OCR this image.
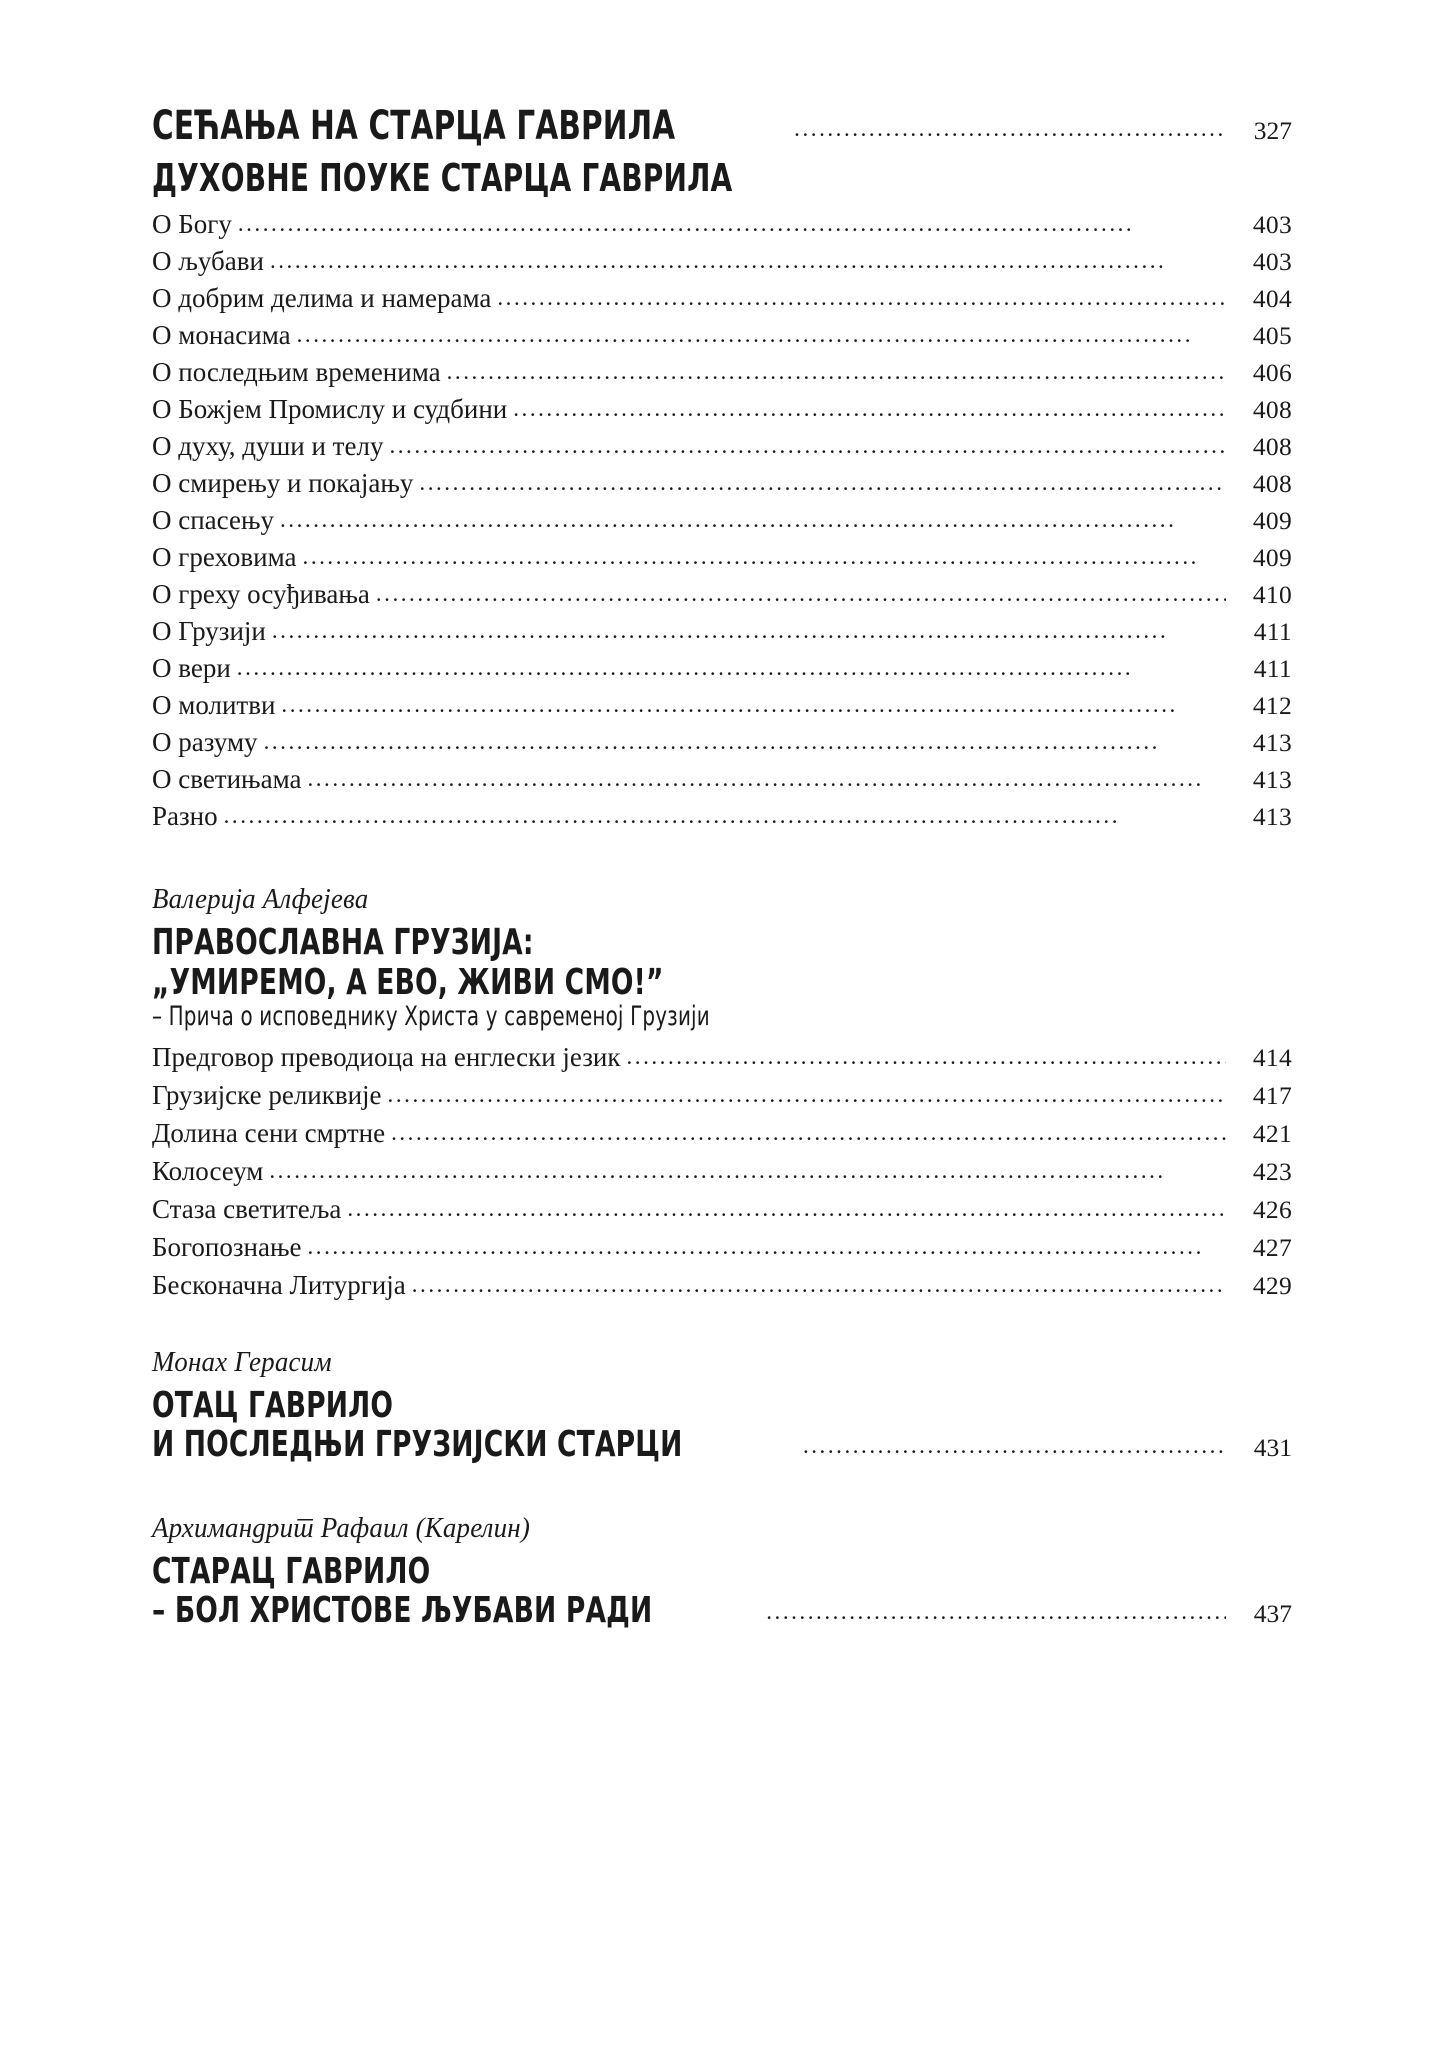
СЕЋАЊА НА СТАРЦА ГАВРИЛА . . .	327
ДУХОВНЕ ПОУКЕ СТАРЦА ГАВРИЛА
О Богу . . .	403
О љубави . . .	403
О добрим делима и намерама . . .	404
О монасима . . .	405
О последњим временима . . .	406
О Божјем Промислу и судбини . . .	408
О духу, души и телу . . .	408
О смирењу и покајању . . .	408
О спасењу . . .	409
О греховима . . .	409
О греху осуђивања . . .	410
О Грузији . . .	411
О вери . . .	411
О молитви . . .	412
О разуму . . .	413
О светињама . . .	413
Разно . . .	413
Валерија Алфејева
ПРАВОСЛАВНА ГРУЗИЈА:
„УМИРЕМО, А ЕВО, ЖИВИ СМО!”
– Прича о исповеднику Христа у савременој Грузији
Предговор преводиоца на енглески језик . . .	414
Грузијске реликвије . . .	417
Долина сени смртне . . .	421
Колосеум . . .	423
Стаза светитеља . . .	426
Богопознање . . .	427
Бесконачна Литургија . . .	429
Монах Герасим
ОТАЦ ГАВРИЛО
И ПОСЛЕДЊИ ГРУЗИЈСКИ СТАРЦИ . . .	431
Архимандрит Рафаил (Карелин)
СТАРАЦ ГАВРИЛО
– БОЛ ХРИСТОВЕ ЉУБАВИ РАДИ . . .	437
